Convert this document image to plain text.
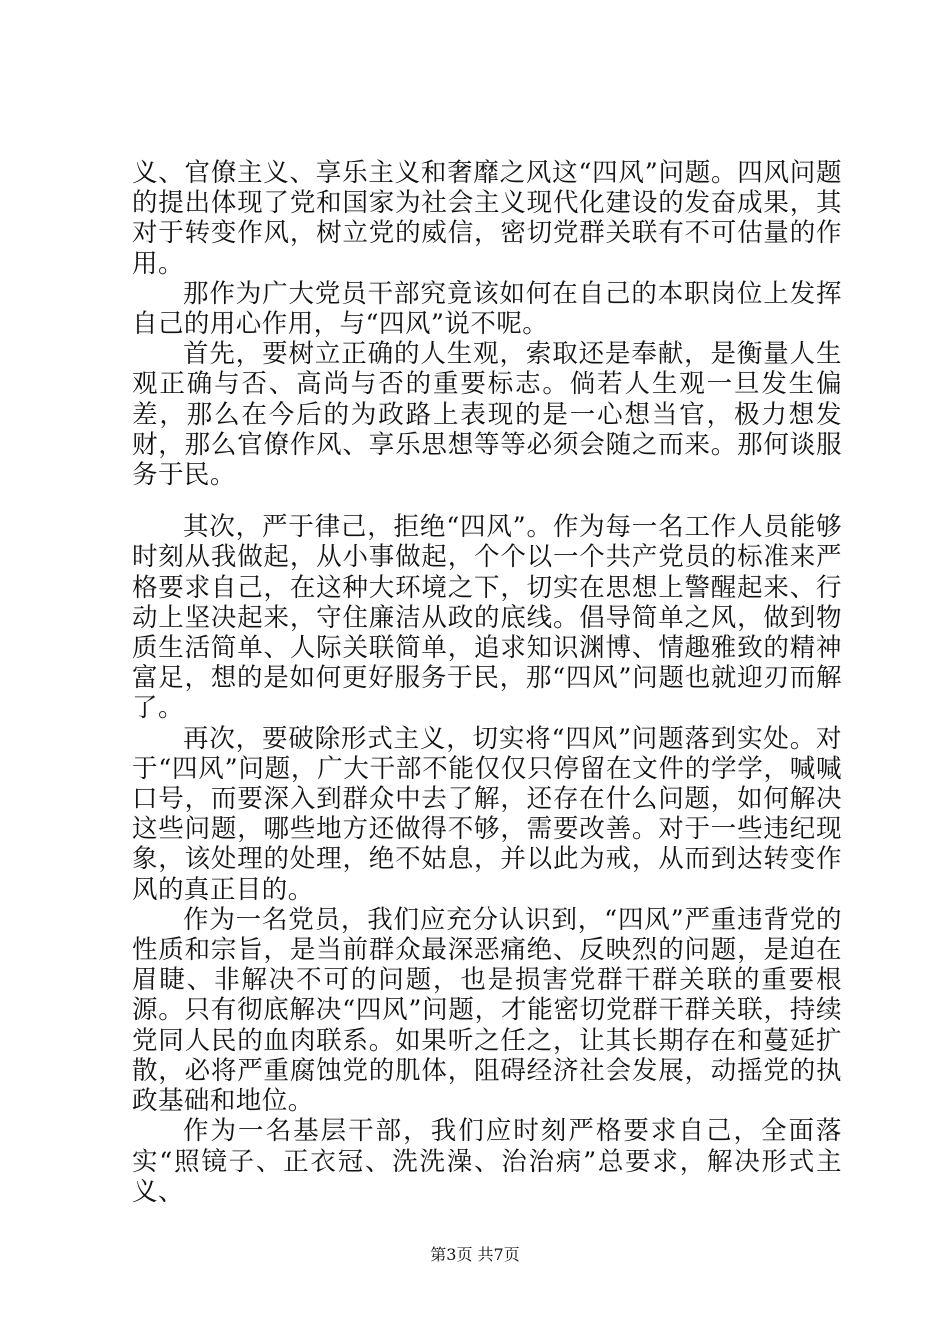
义、官僚主义、享乐主义和奢靡之风这“四风”问题。四风问题的提出体现了党和国家为社会主义现代化建设的发奋成果，其对于转变作风，树立党的威信，密切党群关联有不可估量的作用。

那作为广大党员干部究竟该如何在自己的本职岗位上发挥自己的用心作用，与“四风”说不呢。

首先，要树立正确的人生观，索取还是奉献，是衡量人生观正确与否、高尚与否的重要标志。倘若人生观一旦发生偏差，那么在今后的为政路上表现的是一心想当官，极力想发财，那么官僚作风、享乐思想等等必须会随之而来。那何谈服务于民。

其次，严于律己，拒绝“四风”。作为每一名工作人员能够时刻从我做起，从小事做起，个个以一个共产党员的标准来严格要求自己，在这种大环境之下，切实在思想上警醒起来、行动上坚决起来，守住廉洁从政的底线。倡导简单之风，做到物质生活简单、人际关联简单，追求知识渊博、情趣雅致的精神富足，想的是如何更好服务于民，那“四风”问题也就迎刃而解了。

再次，要破除形式主义，切实将“四风”问题落到实处。对于“四风”问题，广大干部不能仅仅只停留在文件的学学，喊喊口号，而要深入到群众中去了解，还存在什么问题，如何解决这些问题，哪些地方还做得不够，需要改善。对于一些违纪现象，该处理的处理，绝不姑息，并以此为戒，从而到达转变作风的真正目的。

作为一名党员，我们应充分认识到，“四风”严重违背党的性质和宗旨，是当前群众最深恶痛绝、反映烈的问题，是迫在眉睫、非解决不可的问题，也是损害党群干群关联的重要根源。只有彻底解决“四风”问题，才能密切党群干群关联，持续党同人民的血肉联系。如果听之任之，让其长期存在和蔓延扩散，必将严重腐蚀党的肌体，阻碍经济社会发展，动摇党的执政基础和地位。

作为一名基层干部，我们应时刻严格要求自己，全面落实“照镜子、正衣冠、洗洗澡、治治病”总要求，解决形式主义、

第3页 共7页
